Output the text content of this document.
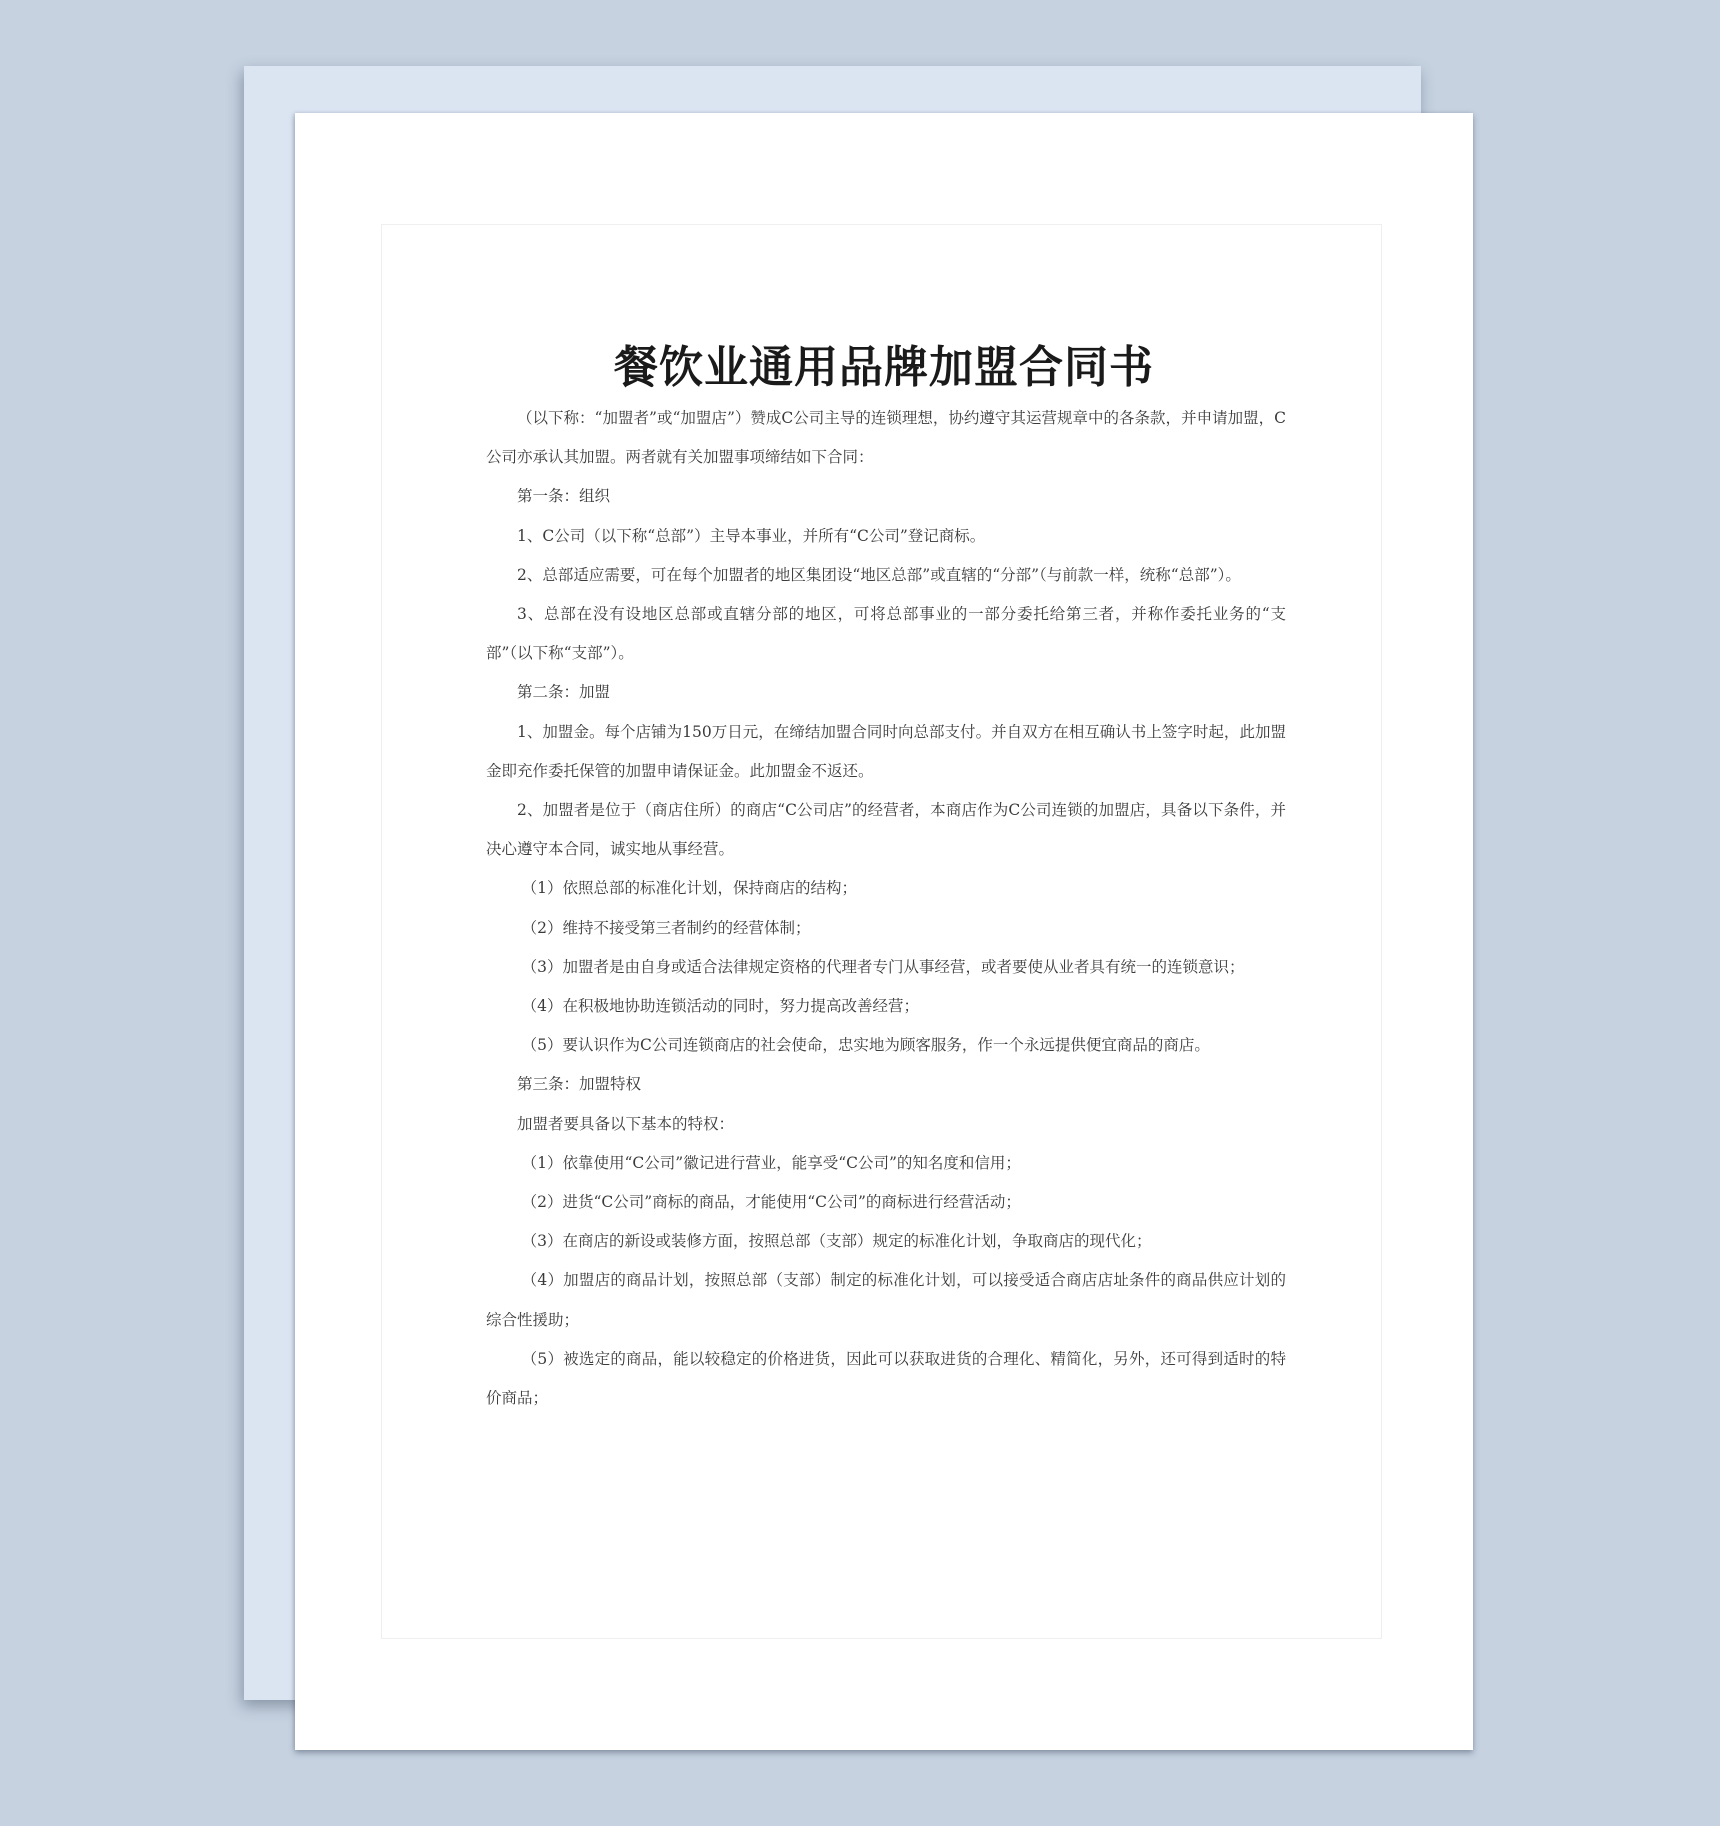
餐饮业通用品牌加盟合同书

（以下称：“加盟者”或“加盟店”）赞成C公司主导的连锁理想，协约遵守其运营规章中的各条款，并申请加盟，C公司亦承认其加盟。两者就有关加盟事项缔结如下合同：

第一条：组织

1、C公司（以下称“总部”）主导本事业，并所有“C公司”登记商标。

2、总部适应需要，可在每个加盟者的地区集团设“地区总部”或直辖的“分部”（与前款一样，统称“总部”）。

3、总部在没有设地区总部或直辖分部的地区，可将总部事业的一部分委托给第三者，并称作委托业务的“支部”（以下称“支部”）。

第二条：加盟

1、加盟金。每个店铺为150万日元，在缔结加盟合同时向总部支付。并自双方在相互确认书上签字时起，此加盟金即充作委托保管的加盟申请保证金。此加盟金不返还。

2、加盟者是位于（商店住所）的商店“C公司店”的经营者，本商店作为C公司连锁的加盟店，具备以下条件，并决心遵守本合同，诚实地从事经营。

（1）依照总部的标准化计划，保持商店的结构；

（2）维持不接受第三者制约的经营体制；

（3）加盟者是由自身或适合法律规定资格的代理者专门从事经营，或者要使从业者具有统一的连锁意识；

（4）在积极地协助连锁活动的同时，努力提高改善经营；

（5）要认识作为C公司连锁商店的社会使命，忠实地为顾客服务，作一个永远提供便宜商品的商店。

第三条：加盟特权

加盟者要具备以下基本的特权：

（1）依靠使用“C公司”徽记进行营业，能享受“C公司”的知名度和信用；

（2）进货“C公司”商标的商品，才能使用“C公司”的商标进行经营活动；

（3）在商店的新设或装修方面，按照总部（支部）规定的标准化计划，争取商店的现代化；

（4）加盟店的商品计划，按照总部（支部）制定的标准化计划，可以接受适合商店店址条件的商品供应计划的综合性援助；

（5）被选定的商品，能以较稳定的价格进货，因此可以获取进货的合理化、精简化，另外，还可得到适时的特价商品；
